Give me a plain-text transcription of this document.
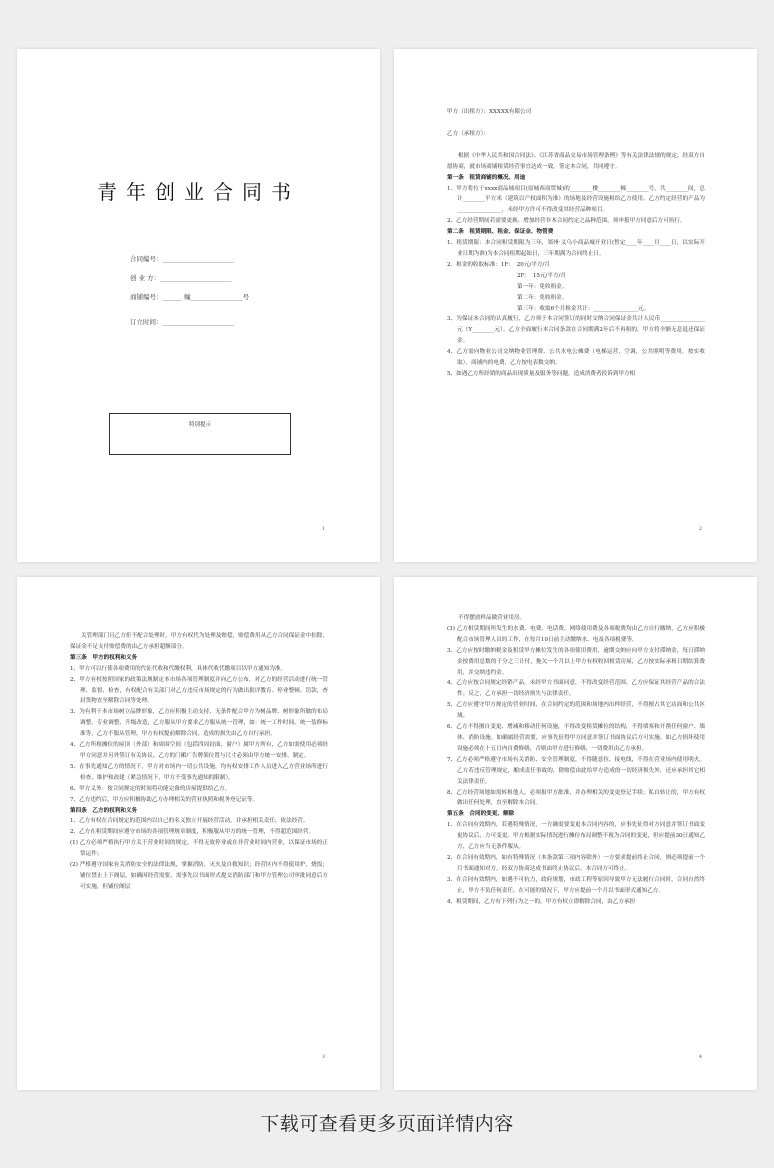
青年创业合同书
合同编号：______________________
创 业 方：______________________
商铺编号：______ 幢________________号
订立时间：______________________
特别提示
1

甲方（出租方）：XXXXX有限公司

乙方（承租方）：

根据《中华人民共和国合同法》、《江苏省商品交易市场管理条例》等有关法律法规的规定，经双方自愿协商，就市场商铺租赁经营事宜达成一致，签定本合同，共同遵守。

第一条　租赁商铺的概况、用途

1、甲方将位于xxxx商品城项目(原城西商贸城)的________楼________幢________号，共________间，总计________平方米（建筑以产权面积为准）的场地及经营设施租给乙方使用。乙方约定经营的产品为________________，未经甲方许可不得改变其经营品种项目。

2、乙方经营期间若需要更换、增加经营非本合同约定之品种范围，须申报甲方同意后方可执行。

第二条　租赁期限、租金、保证金、物管费

1、租赁期限：本合同租赁期限为三年，郑州·义乌小商品城开业日(暂定____年____月____日，以实际开业日期为准)为本合同租期起始日，三年期满为合同终止日。

2、租金的收取标准：1F：　20元/平方/月

2F：　15元/平方/月

第一年：免收租金。

第二年：免收租金。

第三年：收取6个月租金共计：________________元。

3、为保证本合同的认真履行，乙方须于本合同签订的同时交纳合同保证金共计人民币________________元（Y________元）。乙方全面履行本合同条款在合同期满2年后不再租的，甲方将全额无息退还保证金。

4、乙方需向物业公司交纳物业管理费、公共水电公摊费（电梯运营，空调，公共照明等费用，按实收取），商铺内的电费，乙方按电表数交纳。

5、如遇乙方所经销的商品出现质量及服务等问题，造成消费者投诉到甲方相

2

关管理部门且乙方拒不配合处理时，甲方有权代为处理及赔偿，赔偿费用从乙方合同保证金中扣除，保证金不足支付赔偿费的由乙方承担超额部分。

第三条　甲方的权利和义务

1、甲方可以行使各项费用的代征代收和代缴权利，具体代收代缴项目以甲方通知为准。

2、甲方有权按照国家的政策法规制定本市场各项管理制度并向乙方公布，对乙方的经营活动进行统一管理、监督、检查，有权配合有关部门对乙方违反市场规定的行为做出批评教育、停业整顿、罚款，查封货物直至解除合同等处理。

3、为有利于本市场树立品牌形象，乙方应积极主动支持、无条件配合甲方为树品牌、树形象所做的布局调整、专业调整、升级改造，乙方服从甲方要求乙方服从统一管理，如：统一工作时间、统一装修标准等，乙方不服从管理，甲方有权提前解除合同，造成的损失由乙方自行承担。

4、乙方所租摊位的屋顶（外部）和周围空间（包括四周封面，窗户）属甲方所有，乙方如需使用必须经甲方同意并另外签订有关协议。乙方的门楣广告牌架位置与尺寸必须由甲方统一安排、制定。

5、在事先通知乙方的情况下，甲方对市场内一切公共设施，均有权安排工作人员进入乙方营业场所进行检查、维护和改建（紧急情况下，甲方不受事先通知的限制）。

6、甲方义务：按合同规定的时间将功能完备的房屋提供给乙方。

7、乙方违约后，甲方应积极协助乙方办理相关的营业执照和税务登记证等。

第四条　乙方的权利和义务

1、乙方有权在合同规定的范围内以自己的名义独立开展经营活动，并承担相关责任，依法经营。

2、乙方在租赁期间应遵守市场的各项管理规章制度，积极服从甲方的统一管理，不得超范围经营。

(1) 乙方必须严格执行甲方关于营业时间的规定，不得无故停业或在非营业时间内营业，以保证市场的正常运作；

(2) 严格遵守国家有关消防安全的法律法规，掌握消防，灭火及自救知识；经营区内不得使用炉、烧饭；铺位禁止上下阁层，如确因经营需要，需事先以书面形式提交消防部门和甲方管理公司审批同意后方可实施，但铺位阁层

3

不得摆放样品做营业用房。

(3) 乙方租赁期间所发生的水费、电费、电话费、网络使用费及各项税费均由乙方自行缴纳，乙方应积极配合市场管理人员的工作，在每月10日前主动缴纳水、电及各项税费等。

3、乙方应按时缴纳税金及租赁甲方摊位发生的各项使用费用，逾期交纳应向甲方支付滞纳金，每日滞纳金按费用总数的千分之三计付，拖欠一个月以上甲方有权收回租赁房屋，乙方按实际承租日期结算费用，并交纳违约金。

4、乙方应按合同规定经销产品，未经甲方书面同意，不得改变经营范围。乙方应保证其经营产品的合法性；反之，乙方承担一切经济损失与法律责任。

5、乙方应遵守甲方规定的营业时间，在合同约定的范围和场地内出样经营，不得擅占其它店面和公共区域。

6、乙方不得擅自变更、增减和移动任何设施，不得改变租赁摊位的结构，不得堵塞和开凿任何窗户、墙体、消防设施。如确属经营需要，应事先征得甲方同意并签订书面协议后方可实施。如乙方损坏使用设施必须在十五日内自费修缮，否则由甲方进行修缮，一切费用由乙方承担。

7、乙方必须严格遵守市场有关消防、安全管理制度，不得随意拉、接电线，不得在营业场内使用明火。乙方若违反管理规定，酿成责任事故的，除赔偿由此给甲方造成的一切经济损失外，还应承担其它相关法律责任。

8、乙方经营场地如需转租他人，必须报甲方批准，并办理相关的变更登记手续；私自转让的，甲方有权做出任何处理，直至解除本合同。

第五条　合同的变更、解除

1、在合同有效期内，若遇特殊情况，一方确需要变更本合同内容的，应事先征得对方同意并签订书面变更协议后，方可变更。甲方根据实际情况进行摊位布局调整不视为合同的变更，但应提前30日通知乙方，乙方应当无条件服从。

2、在合同有效期内，如有特殊情况（本条款第三项内容除外）一方要求提前终止合同，则必须提前一个月书面通知对方，经双方协商达成书面终止协议后，本合同方可终止。

3、在合同有效期内，如遇不可抗力，政府规划，市政工程等原因导致甲方无法履行合同时，合同自然终止，甲方不负任何责任，在可能的情况下，甲方应提前一个月以书面形式通知乙方。

4、租赁期间，乙方有下列行为之一的，甲方有权立即解除合同，由乙方承担

4
下载可查看更多页面详情内容
